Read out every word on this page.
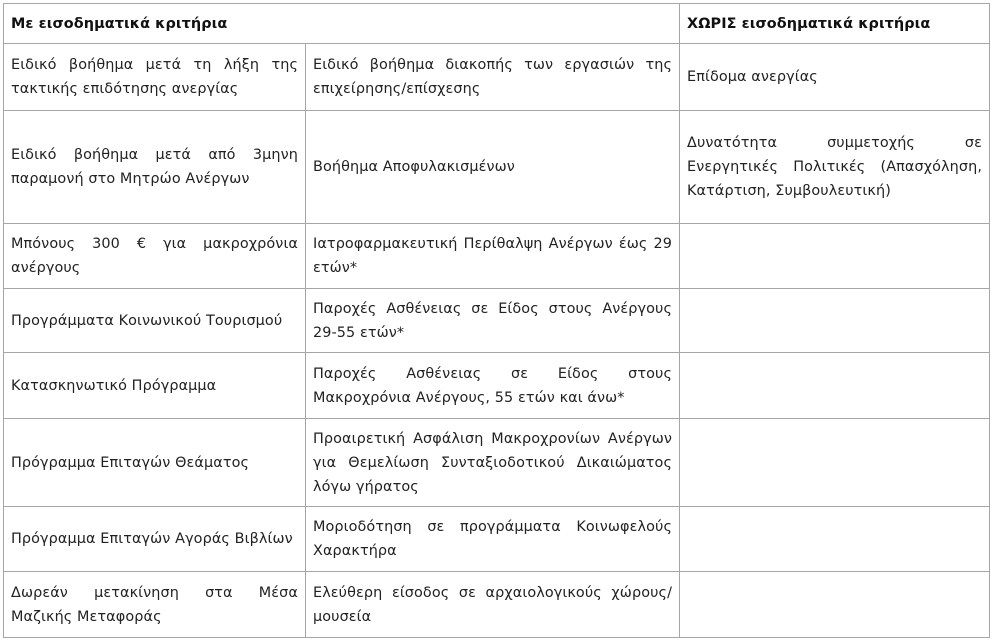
Με εισοδηματικά κριτήρια		ΧΩΡΙΣ εισοδηματικά κριτήρια
Ειδικό βοήθημα μετά τη λήξη της τακτικής επιδότησης ανεργίας	Ειδικό βοήθημα διακοπής των εργασιών της επιχείρησης/επίσχεσης	Επίδομα ανεργίας
Ειδικό βοήθημα μετά από 3μηνη παραμονή στο Μητρώο Ανέργων	Βοήθημα Αποφυλακισμένων	Δυνατότητα συμμετοχής σε Ενεργητικές Πολιτικές (Απασχόληση, Κατάρτιση, Συμβουλευτική)
Μπόνους 300 € για μακροχρόνια ανέργους	Ιατροφαρμακευτική Περίθαλψη Ανέργων έως 29 ετών*	
Προγράμματα Κοινωνικού Τουρισμού	Παροχές Ασθένειας σε Είδος στους Ανέργους 29-55 ετών*	
Κατασκηνωτικό Πρόγραμμα	Παροχές Ασθένειας σε Είδος στους Μακροχρόνια Ανέργους, 55 ετών και άνω*	
Πρόγραμμα Επιταγών Θεάματος	Προαιρετική Ασφάλιση Μακροχρονίων Ανέργων για Θεμελίωση Συνταξιοδοτικού Δικαιώματος λόγω γήρατος	
Πρόγραμμα Επιταγών Αγοράς Βιβλίων	Μοριοδότηση σε προγράμματα Κοινωφελούς Χαρακτήρα	
Δωρεάν μετακίνηση στα Μέσα Μαζικής Μεταφοράς	Ελεύθερη είσοδος σε αρχαιολογικούς χώρους/ μουσεία	
